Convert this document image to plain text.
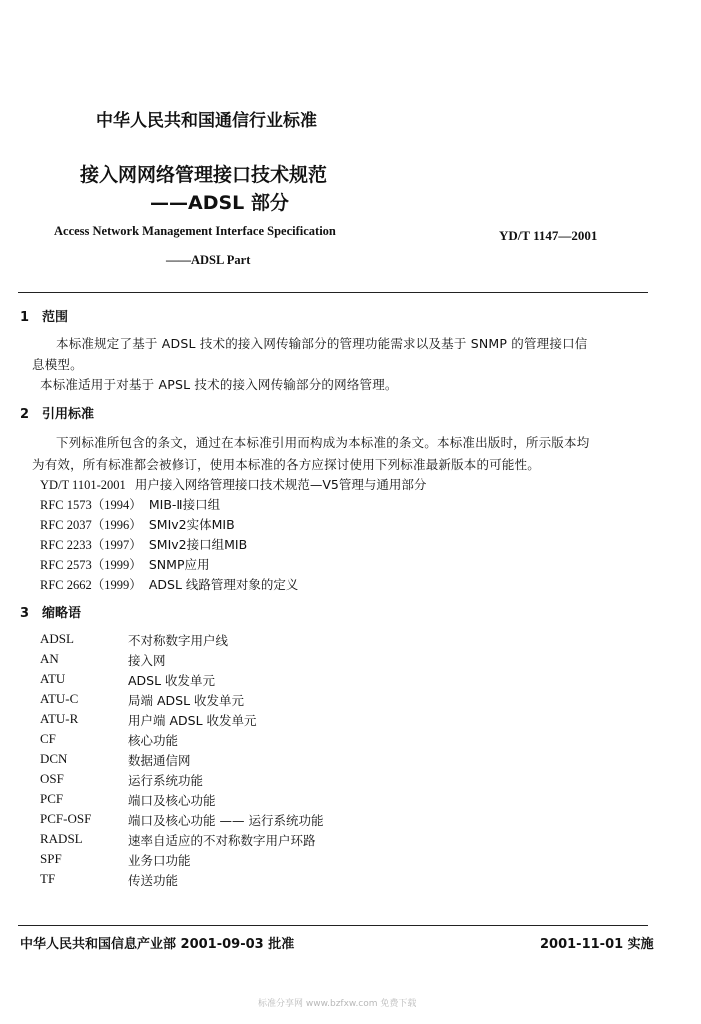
中华人民共和国通信行业标准
接入网网络管理接口技术规范
——ADSL 部分
Access Network Management Interface Specification
——ADSL Part
YD/T 1147—2001
1　范围
本标准规定了基于 ADSL 技术的接入网传输部分的管理功能需求以及基于 SNMP 的管理接口信
息模型。
本标准适用于对基于 APSL 技术的接入网传输部分的网络管理。
2　引用标准
下列标准所包含的条文，通过在本标准引用而构成为本标准的条文。本标准出版时，所示版本均
为有效，所有标准都会被修订，使用本标准的各方应探讨使用下列标准最新版本的可能性。
YD/T 1101-2001 用户接入网络管理接口技术规范—V5管理与通用部分
RFC 1573（1994） MIB-Ⅱ接口组
RFC 2037（1996） SMIv2实体MIB
RFC 2233（1997） SMIv2接口组MIB
RFC 2573（1999） SNMP应用
RFC 2662（1999） ADSL 线路管理对象的定义
3　缩略语
ADSL	不对称数字用户线
AN	接入网
ATU	ADSL 收发单元
ATU-C	局端 ADSL 收发单元
ATU-R	用户端 ADSL 收发单元
CF	核心功能
DCN	数据通信网
OSF	运行系统功能
PCF	端口及核心功能
PCF-OSF	端口及核心功能 —— 运行系统功能
RADSL	速率自适应的不对称数字用户环路
SPF	业务口功能
TF	传送功能
中华人民共和国信息产业部 2001-09-03 批准	2001-11-01 实施
标准分享网 www.bzfxw.com 免费下载
